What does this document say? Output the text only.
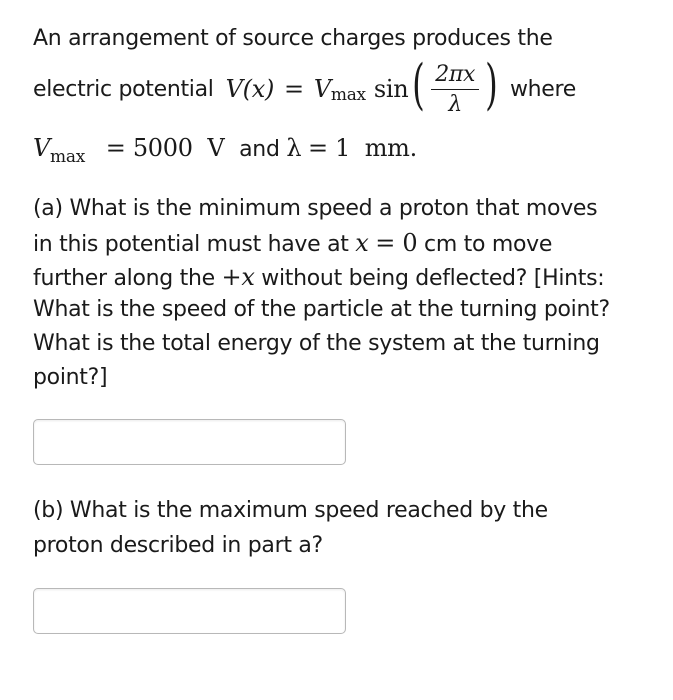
An arrangement of source charges produces the
electric potential V (x) = V max sin ( $\frac{2\pi x}{\lambda}$ ) where
$V_{max} = 5000$  V and λ = 1  mm.
(a) What is the minimum speed a proton that moves
in this potential must have at x = 0 cm to move
further along the +x without being deflected? [Hints:
What is the speed of the particle at the turning point?
What is the total energy of the system at the turning
point?]
(b) What is the maximum speed reached by the
proton described in part a?
